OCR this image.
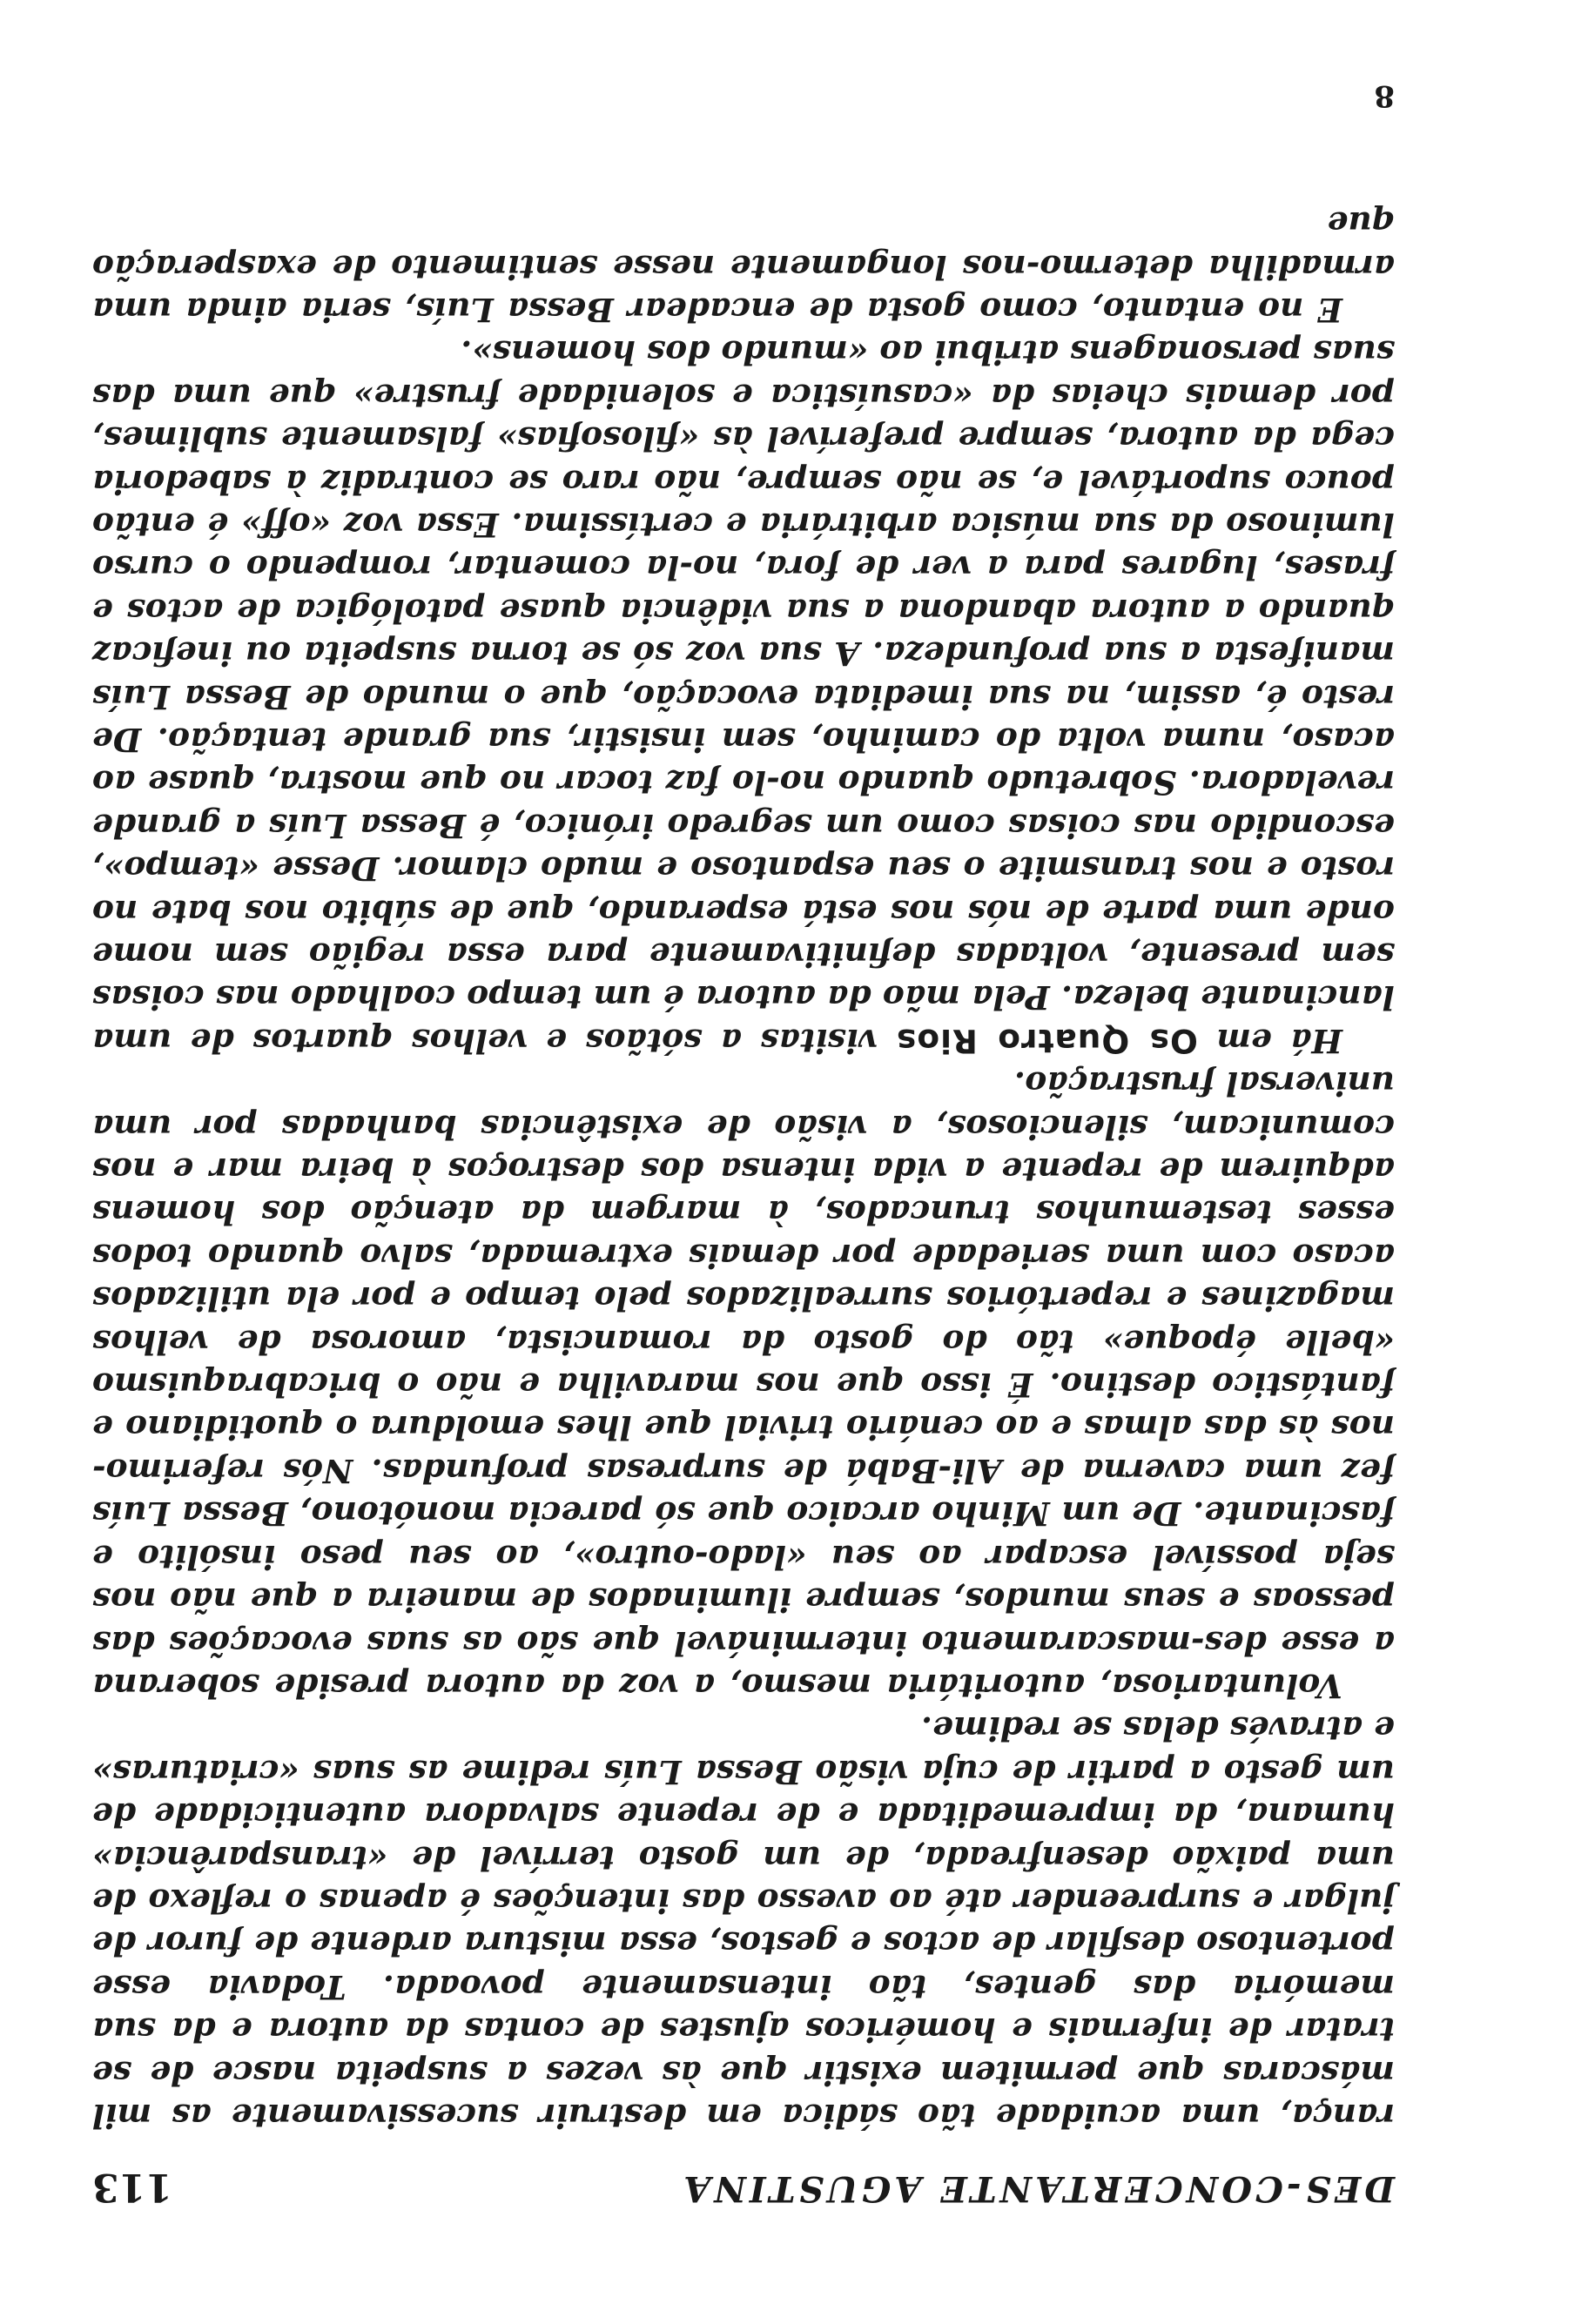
DES-CONCERTANTE AGUSTINA
113

rança, uma acuidade tão sádica em destruir sucessivamente as mil máscaras que permitem existir que às vezes a suspeita nasce de se tratar de infernais e homéricos ajustes de contas da autora e da sua memória das gentes, tão intensamente povoada. Todavia esse portentoso desfilar de actos e gestos, essa mistura ardente de furor de julgar e surpreender até ao avesso das intenções é apenas o reflexo de uma paixão desenfreada, de um gosto terrível de «transparência» humana, da impremeditada e de repente salvadora autenticidade de um gesto a partir de cuja visão Bessa Luís redime as suas «criaturas» e através delas se redime.

Voluntariosa, autoritária mesmo, a voz da autora preside soberana a esse des-mascaramento interminável que são as suas evocações das pessoas e seus mundos, sempre iluminados de maneira a que não nos seja possível escapar ao seu «lado-outro», ao seu peso insólito e fascinante. De um Minho arcaico que só parecia monótono, Bessa Luís fez uma caverna de Ali-Babá de surpresas profundas. Nós referimo-nos às das almas e ao cenário trivial que lhes emoldura o quotidiano e fantástico destino. É isso que nos maravilha e não o bricabraquismo «belle époque» tão do gosto da romancista, amorosa de velhos magazines e repertórios surrealizados pelo tempo e por ela utilizados acaso com uma seriedade por demais extremada, salvo quando todos esses testemunhos truncados, à margem da atenção dos homens adquirem de repente a vida intensa dos destroços à beira mar e nos comunicam, silenciosos, a visão de existências banhadas por uma universal frustração.

Há em Os Quatro Rios visitas a sótãos e velhos quartos de uma lancinante beleza. Pela mão da autora é um tempo coalhado nas coisas sem presente, voltadas definitivamente para essa região sem nome onde uma parte de nós nos está esperando, que de súbito nos bate no rosto e nos transmite o seu espantoso e mudo clamor. Desse «tempo», escondido nas coisas como um segredo irónico, é Bessa Luís a grande reveladora. Sobretudo quando no-lo faz tocar no que mostra, quase ao acaso, numa volta do caminho, sem insistir, sua grande tentação. De resto é, assim, na sua imediata evocação, que o mundo de Bessa Luís manifesta a sua profundeza. A sua voz só se torna suspeita ou ineficaz quando a autora abandona a sua vidência quase patológica de actos e frases, lugares para a ver de fora, no-la comentar, rompendo o curso luminoso da sua música arbitrária e certíssima. Essa voz «off» é então pouco suportável e, se não sempre, não raro se contradiz à sabedoria cega da autora, sempre preferível às «filosofias» falsamente sublimes, por demais cheias da «casuística e solenidade frustre» que uma das suas personagens atribui ao «mundo dos homens».

E no entanto, como gosta de encadear Bessa Luís, seria ainda uma armadilha determo-nos longamente nesse sentimento de exasperação que

8
